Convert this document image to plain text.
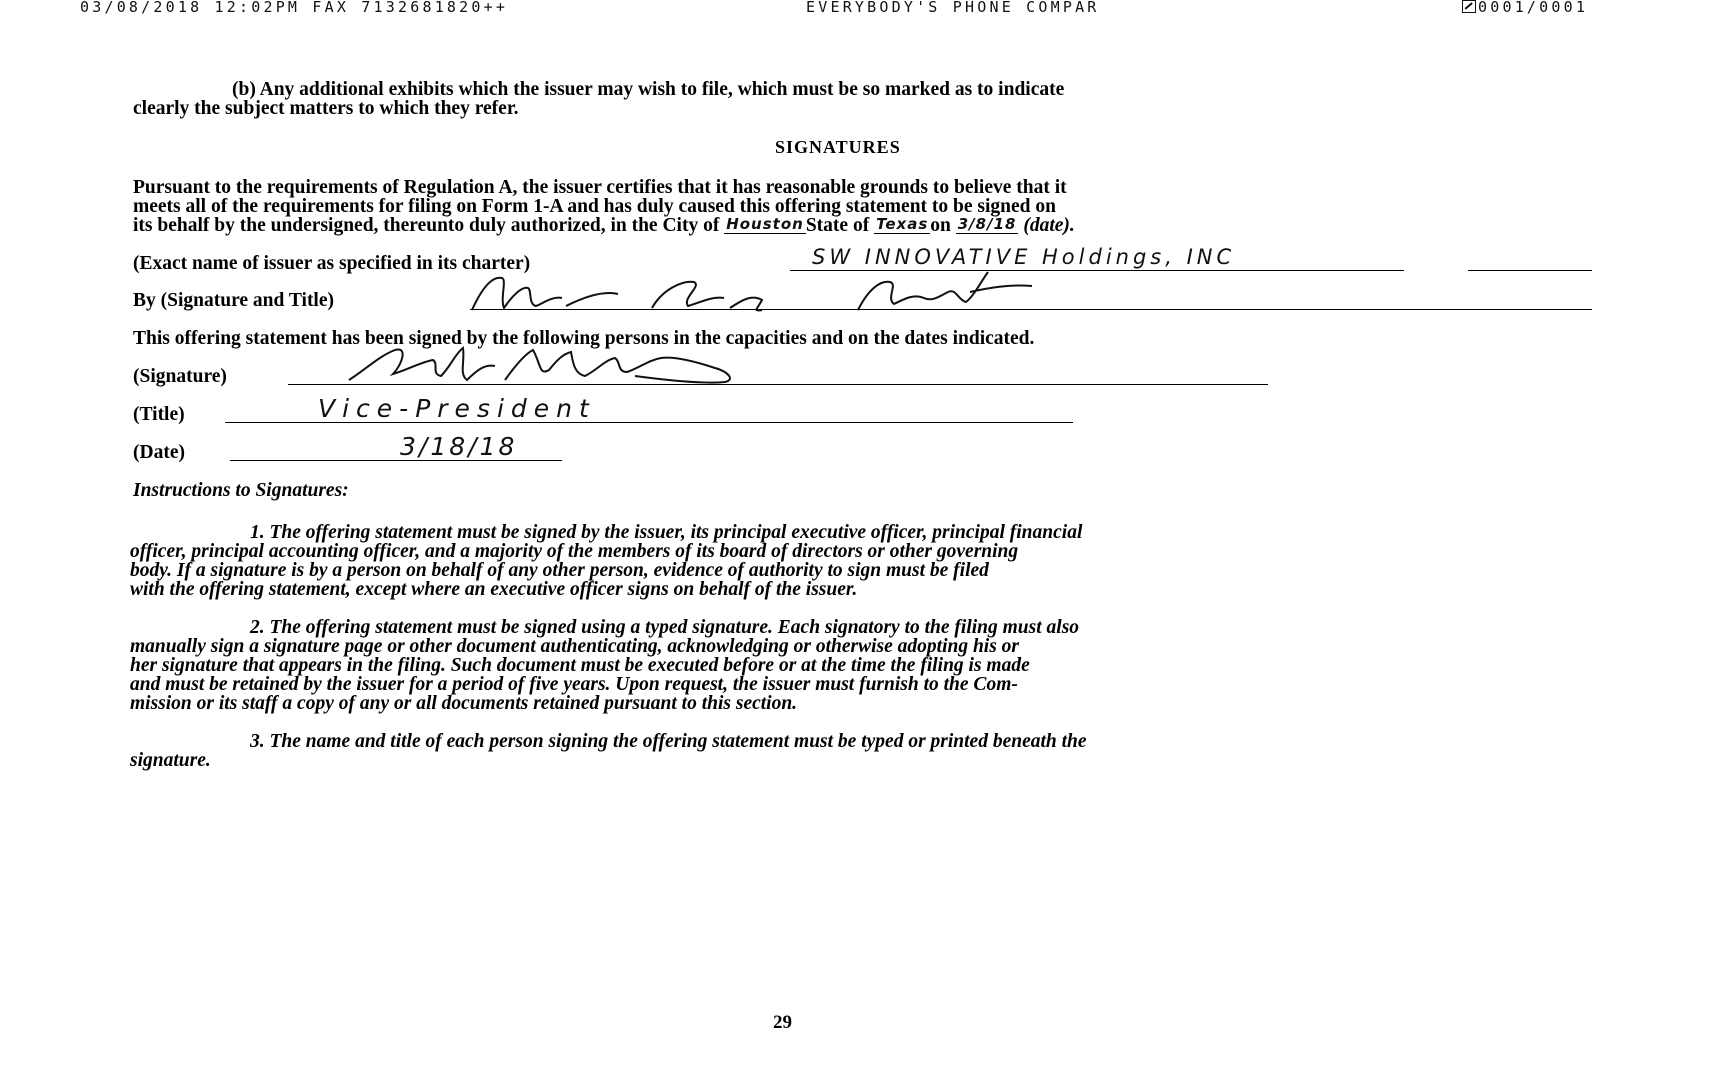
03/08/2018 12:02PM FAX 7132681820++	EVERYBODY'S PHONE COMPAR	0001/0001
(b) Any additional exhibits which the issuer may wish to file, which must be so marked as to indicate
clearly the subject matters to which they refer.
SIGNATURES
Pursuant to the requirements of Regulation A, the issuer certifies that it has reasonable grounds to believe that it
meets all of the requirements for filing on Form 1-A and has duly caused this offering statement to be signed on
its behalf by the undersigned, thereunto duly authorized, in the City of Houston State of Texas on 3/8/18 (date).
(Exact name of issuer as specified in its charter)	SW INNOVATIVE Holdings, INC
By (Signature and Title)
This offering statement has been signed by the following persons in the capacities and on the dates indicated.
(Signature)
(Title)	Vice-President
(Date)	3/18/18
Instructions to Signatures:
1. The offering statement must be signed by the issuer, its principal executive officer, principal financial
officer, principal accounting officer, and a majority of the members of its board of directors or other governing
body. If a signature is by a person on behalf of any other person, evidence of authority to sign must be filed
with the offering statement, except where an executive officer signs on behalf of the issuer.
2. The offering statement must be signed using a typed signature. Each signatory to the filing must also
manually sign a signature page or other document authenticating, acknowledging or otherwise adopting his or
her signature that appears in the filing. Such document must be executed before or at the time the filing is made
and must be retained by the issuer for a period of five years. Upon request, the issuer must furnish to the Com-
mission or its staff a copy of any or all documents retained pursuant to this section.
3. The name and title of each person signing the offering statement must be typed or printed beneath the
signature.
29
